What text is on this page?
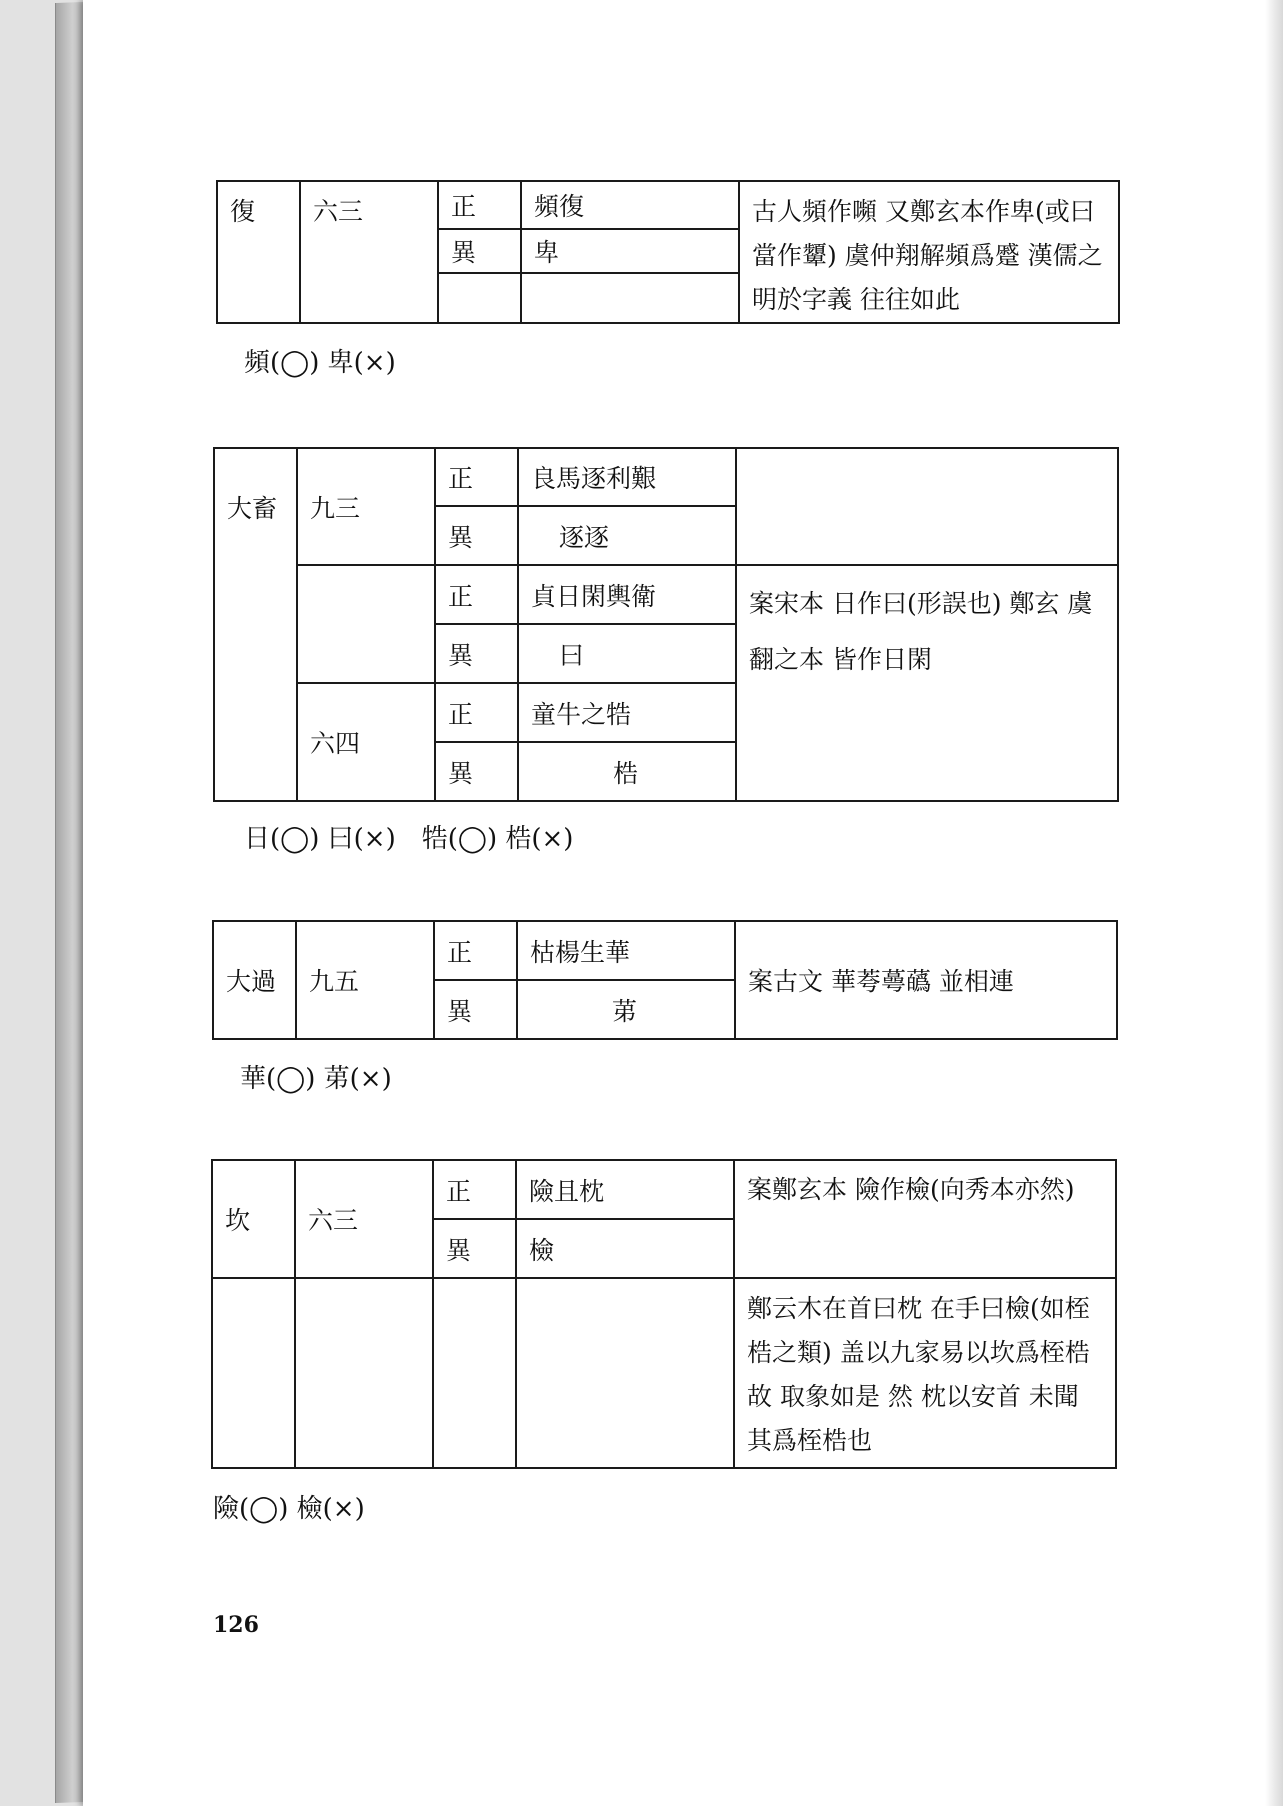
復	六三	正	頻復	古人頻作嚬 又鄭玄本作卑(或曰當作顰) 虞仲翔解頻爲蹙 漢儒之明於字義 往往如此
		異	卑	

頻(◯) 卑(×)
大畜	九三	正	良馬逐利艱	
		異	逐逐	
		正	貞日閑輿衛	案宋本 日作曰(形誤也) 鄭玄 虞翻之本 皆作日閑
		異	曰	
	六四	正	童牛之牿	
		異	梏	
日(◯) 曰(×)　牿(◯) 梏(×)
大過	九五	正	枯楊生華	案古文 華荂蕚蘤 並相連
		異	苐	
華(◯) 苐(×)
坎	六三	正	險且枕	案鄭玄本 險作檢(向秀本亦然)
		異	檢	
				鄭云木在首曰枕 在手曰檢(如桎梏之類) 盖以九家易以坎爲桎梏 故 取象如是 然 枕以安首 未聞其爲桎梏也
險(◯) 檢(×)
126
